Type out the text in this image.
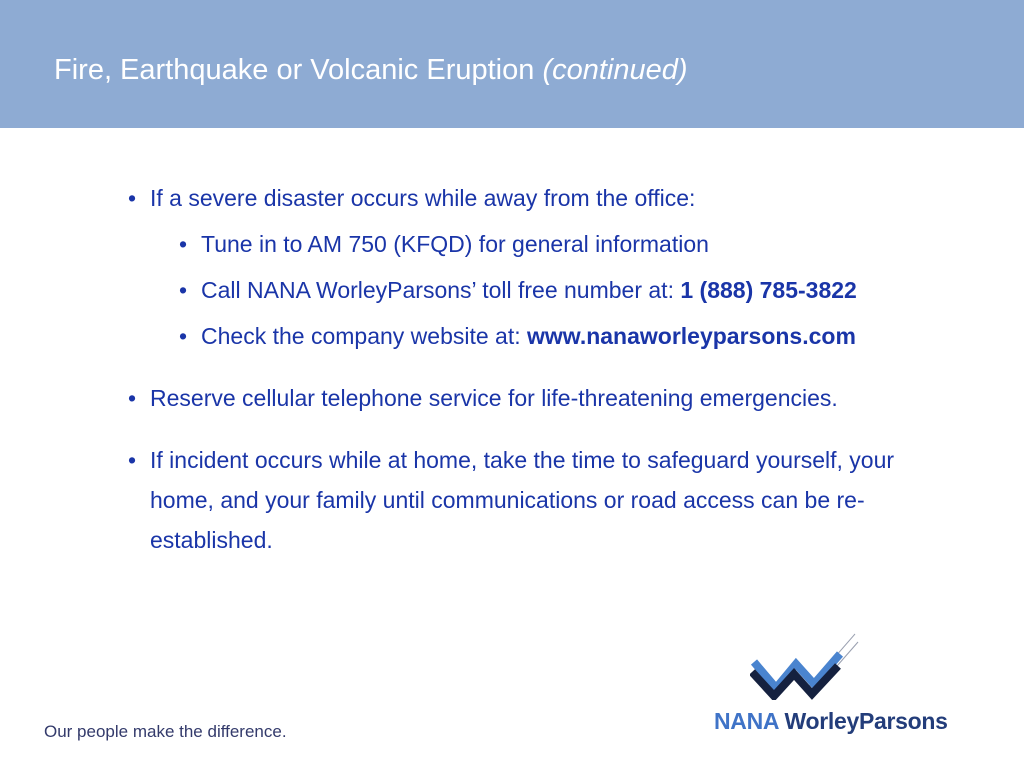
Fire, Earthquake or Volcanic Eruption (continued)
• If a severe disaster occurs while away from the office:
• Tune in to AM 750 (KFQD) for general information
• Call NANA WorleyParsons’ toll free number at: 1 (888) 785-3822
• Check the company website at: www.nanaworleyparsons.com
• Reserve cellular telephone service for life-threatening emergencies.
• If incident occurs while at home, take the time to safeguard yourself, your home, and your family until communications or road access can be re-established.
Our people make the difference.	NANA WorleyParsons
